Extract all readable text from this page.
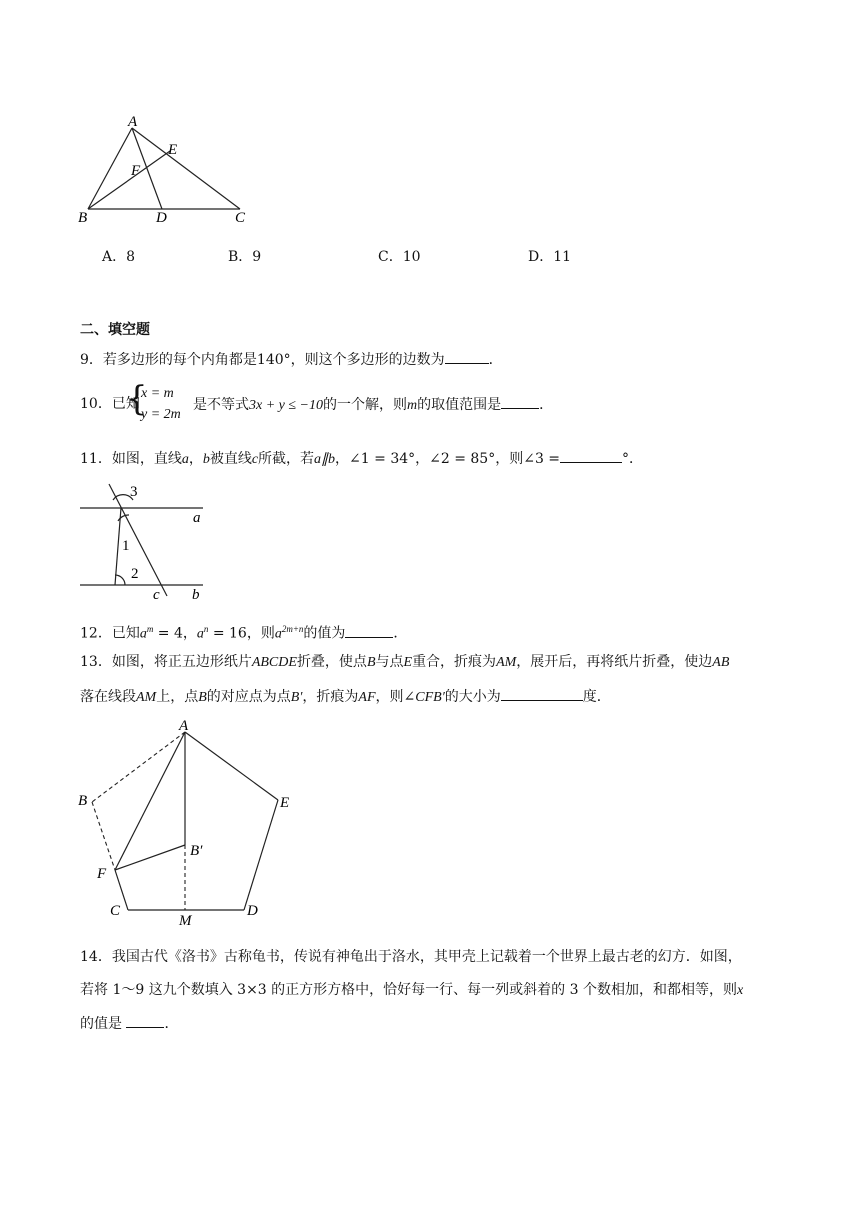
A
E
F
B	D	C
A．8	B．9	C．10	D．11
二、填空题
9．若多边形的每个内角都是140°，则这个多边形的边数为	．
10．已知
{
x = m
y = 2m
是不等式3x + y ≤ −10的一个解，则m的取值范围是	．
11．如图，直线a，b被直线c所截，若a∥b，∠1 = 34°，∠2 = 85°，则∠3 =	°．
3
1
2
a
b
c
12．已知$a^m = 4$，$a^n = 16$，则$a^{2m+n}$的值为	．
13．如图，将正五边形纸片ABCDE折叠，使点B与点E重合，折痕为AM，展开后，再将纸片折叠，使边AB
落在线段AM上，点B的对应点为点B′，折痕为AF，则∠CFB′的大小为	度．
A
B	E
B′
F
C
M
D
14．我国古代《洛书》古称龟书，传说有神龟出于洛水，其甲壳上记载着一个世界上最古老的幻方．如图，
若将 1～9 这九个数填入 3×3 的正方形方格中，恰好每一行、每一列或斜着的 3 个数相加，和都相等，则x
的值是	．
